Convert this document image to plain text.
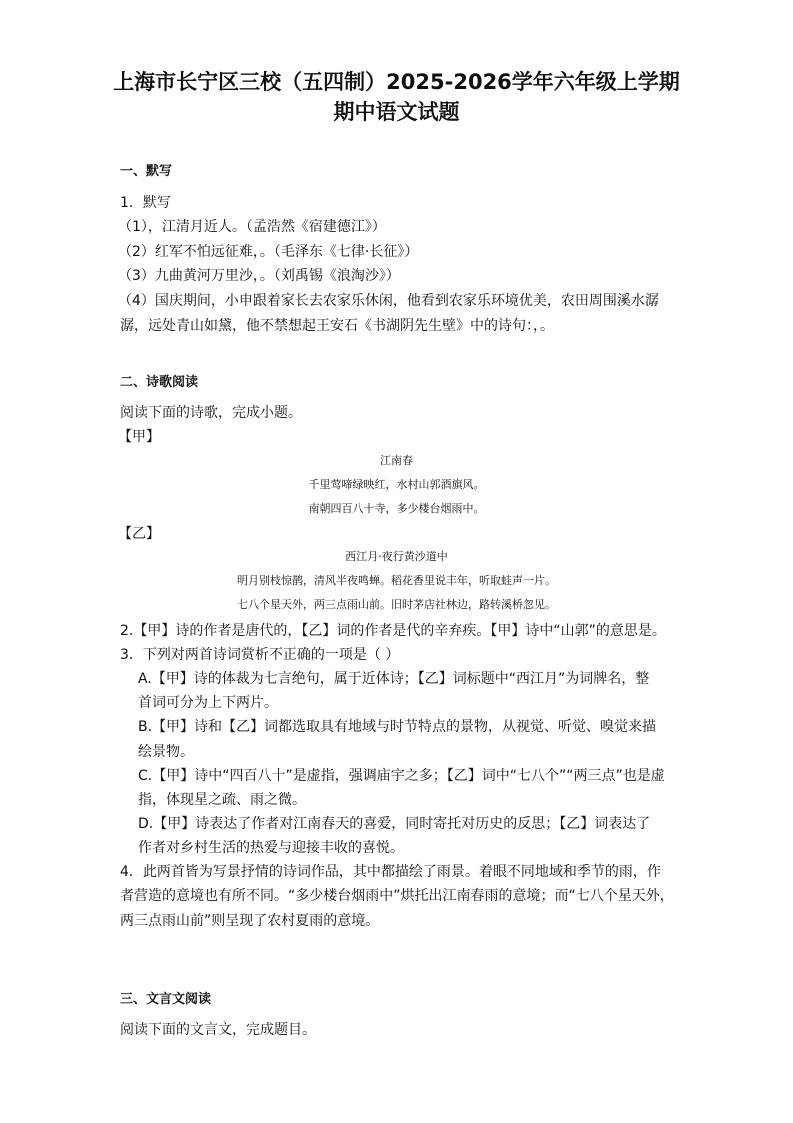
上海市长宁区三校（五四制）2025-2026学年六年级上学期
期中语文试题
一、默写
1．默写
（1），江清月近人。（孟浩然《宿建德江》）
（2）红军不怕远征难，。（毛泽东《七律·长征》）
（3）九曲黄河万里沙，。（刘禹锡《浪淘沙》）
（4）国庆期间，小申跟着家长去农家乐休闲，他看到农家乐环境优美，农田周围溪水潺
潺，远处青山如黛，他不禁想起王安石《书湖阴先生壁》中的诗句：，。
二、诗歌阅读
阅读下面的诗歌，完成小题。
【甲】
江南春
千里莺啼绿映红，水村山郭酒旗风。
南朝四百八十寺，多少楼台烟雨中。
【乙】
西江月·夜行黄沙道中
明月别枝惊鹊，清风半夜鸣蝉。稻花香里说丰年，听取蛙声一片。
七八个星天外，两三点雨山前。旧时茅店社林边，路转溪桥忽见。
2.【甲】诗的作者是唐代的，【乙】词的作者是代的辛弃疾。【甲】诗中“山郭”的意思是。
3．下列对两首诗词赏析不正确的一项是（ ）
A.【甲】诗的体裁为七言绝句，属于近体诗；【乙】词标题中“西江月”为词牌名，整
首词可分为上下两片。
B.【甲】诗和【乙】词都选取具有地域与时节特点的景物，从视觉、听觉、嗅觉来描
绘景物。
C.【甲】诗中“四百八十”是虚指，强调庙宇之多；【乙】词中“七八个”“两三点”也是虚
指，体现星之疏、雨之微。
D.【甲】诗表达了作者对江南春天的喜爱，同时寄托对历史的反思；【乙】词表达了
作者对乡村生活的热爱与迎接丰收的喜悦。
4．此两首皆为写景抒情的诗词作品，其中都描绘了雨景。着眼不同地域和季节的雨，作
者营造的意境也有所不同。“多少楼台烟雨中”烘托出江南春雨的意境；而“七八个星天外，
两三点雨山前”则呈现了农村夏雨的意境。
三、文言文阅读
阅读下面的文言文，完成题目。
